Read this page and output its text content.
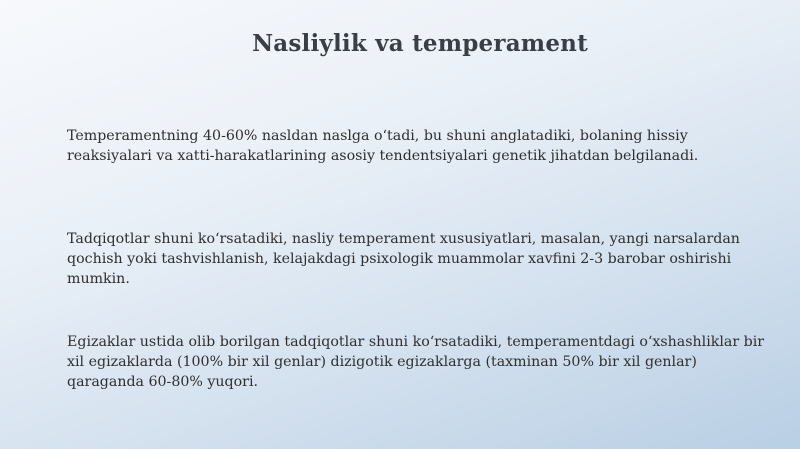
Nasliylik va temperament

Temperamentning 40-60% nasldan naslga o‘tadi, bu shuni anglatadiki, bolaning hissiy reaksiyalari va xatti-harakatlarining asosiy tendentsiyalari genetik jihatdan belgilanadi.

Tadqiqotlar shuni ko‘rsatadiki, nasliy temperament xususiyatlari, masalan, yangi narsalardan qochish yoki tashvishlanish, kelajakdagi psixologik muammolar xavfini 2-3 barobar oshirishi mumkin.

Egizaklar ustida olib borilgan tadqiqotlar shuni ko‘rsatadiki, temperamentdagi o‘xshashliklar bir xil egizaklarda (100% bir xil genlar) dizigotik egizaklarga (taxminan 50% bir xil genlar) qaraganda 60-80% yuqori.
